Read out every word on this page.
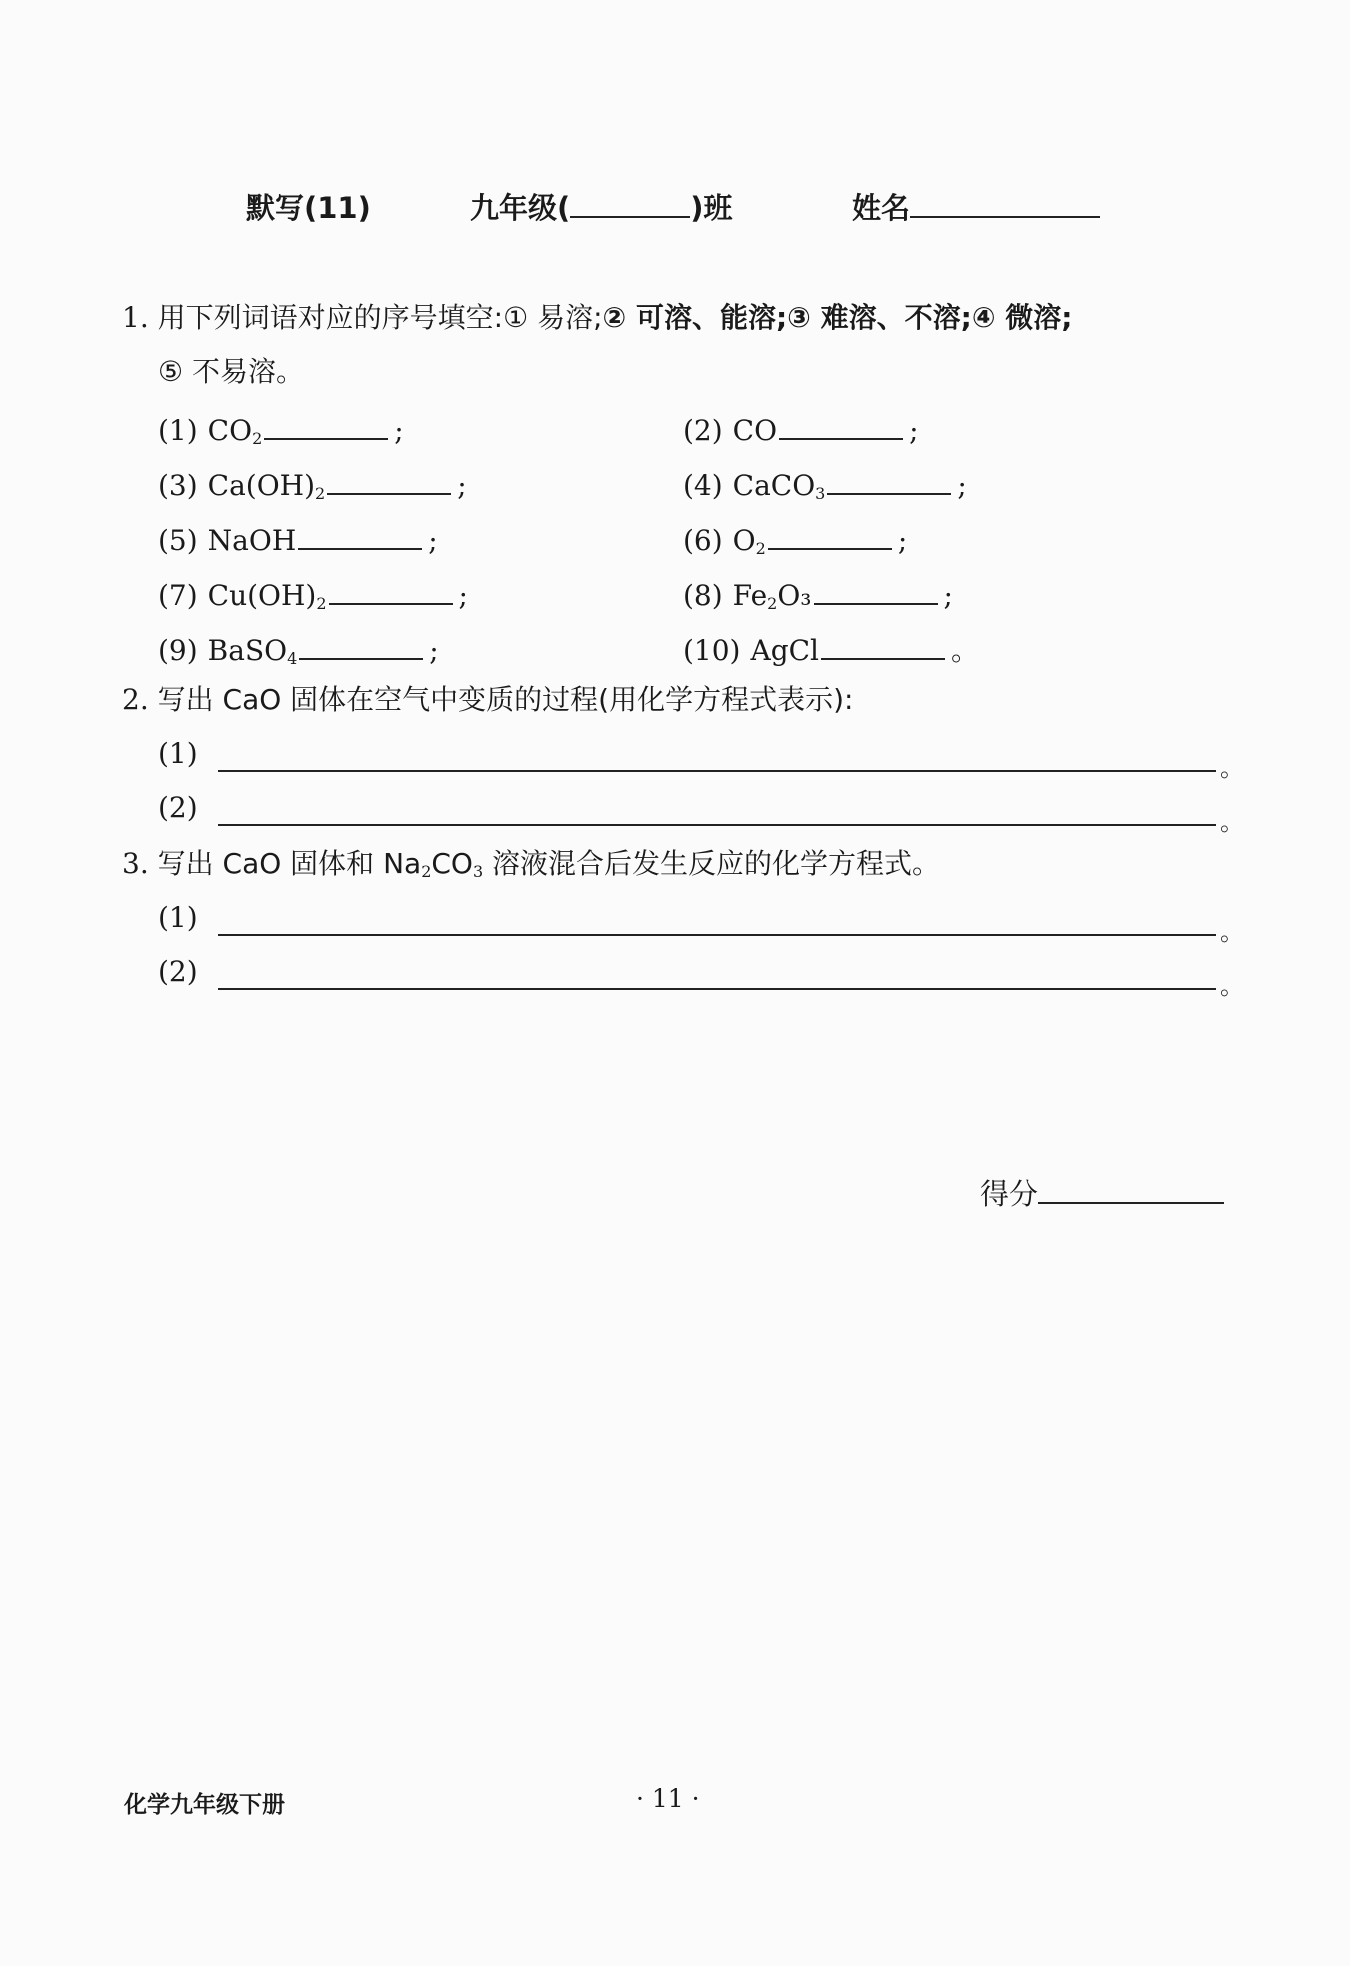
默写(11)	九年级(	)班	姓名
1. 用下列词语对应的序号填空:① 易溶;② 可溶、能溶;③ 难溶、不溶;④ 微溶;
⑤ 不易溶。
(1) $CO_2$	;	(2) CO	;
(3) $Ca(OH)_2$	;	(4) CaCO$_3$	;
(5) NaOH	;	(6) $O_2$	;
(7) $Cu(OH)_2$	;	(8) $Fe_2O_3$	;
(9) BaSO$_4$	;	(10) AgCl	。
2. 写出 CaO 固体在空气中变质的过程(用化学方程式表示):
(1)	。
(2)	。
3. 写出 CaO 固体和 $Na_2CO_3$ 溶液混合后发生反应的化学方程式。
(1)	。
(2)	。
得分
化学九年级下册	· 11 ·
